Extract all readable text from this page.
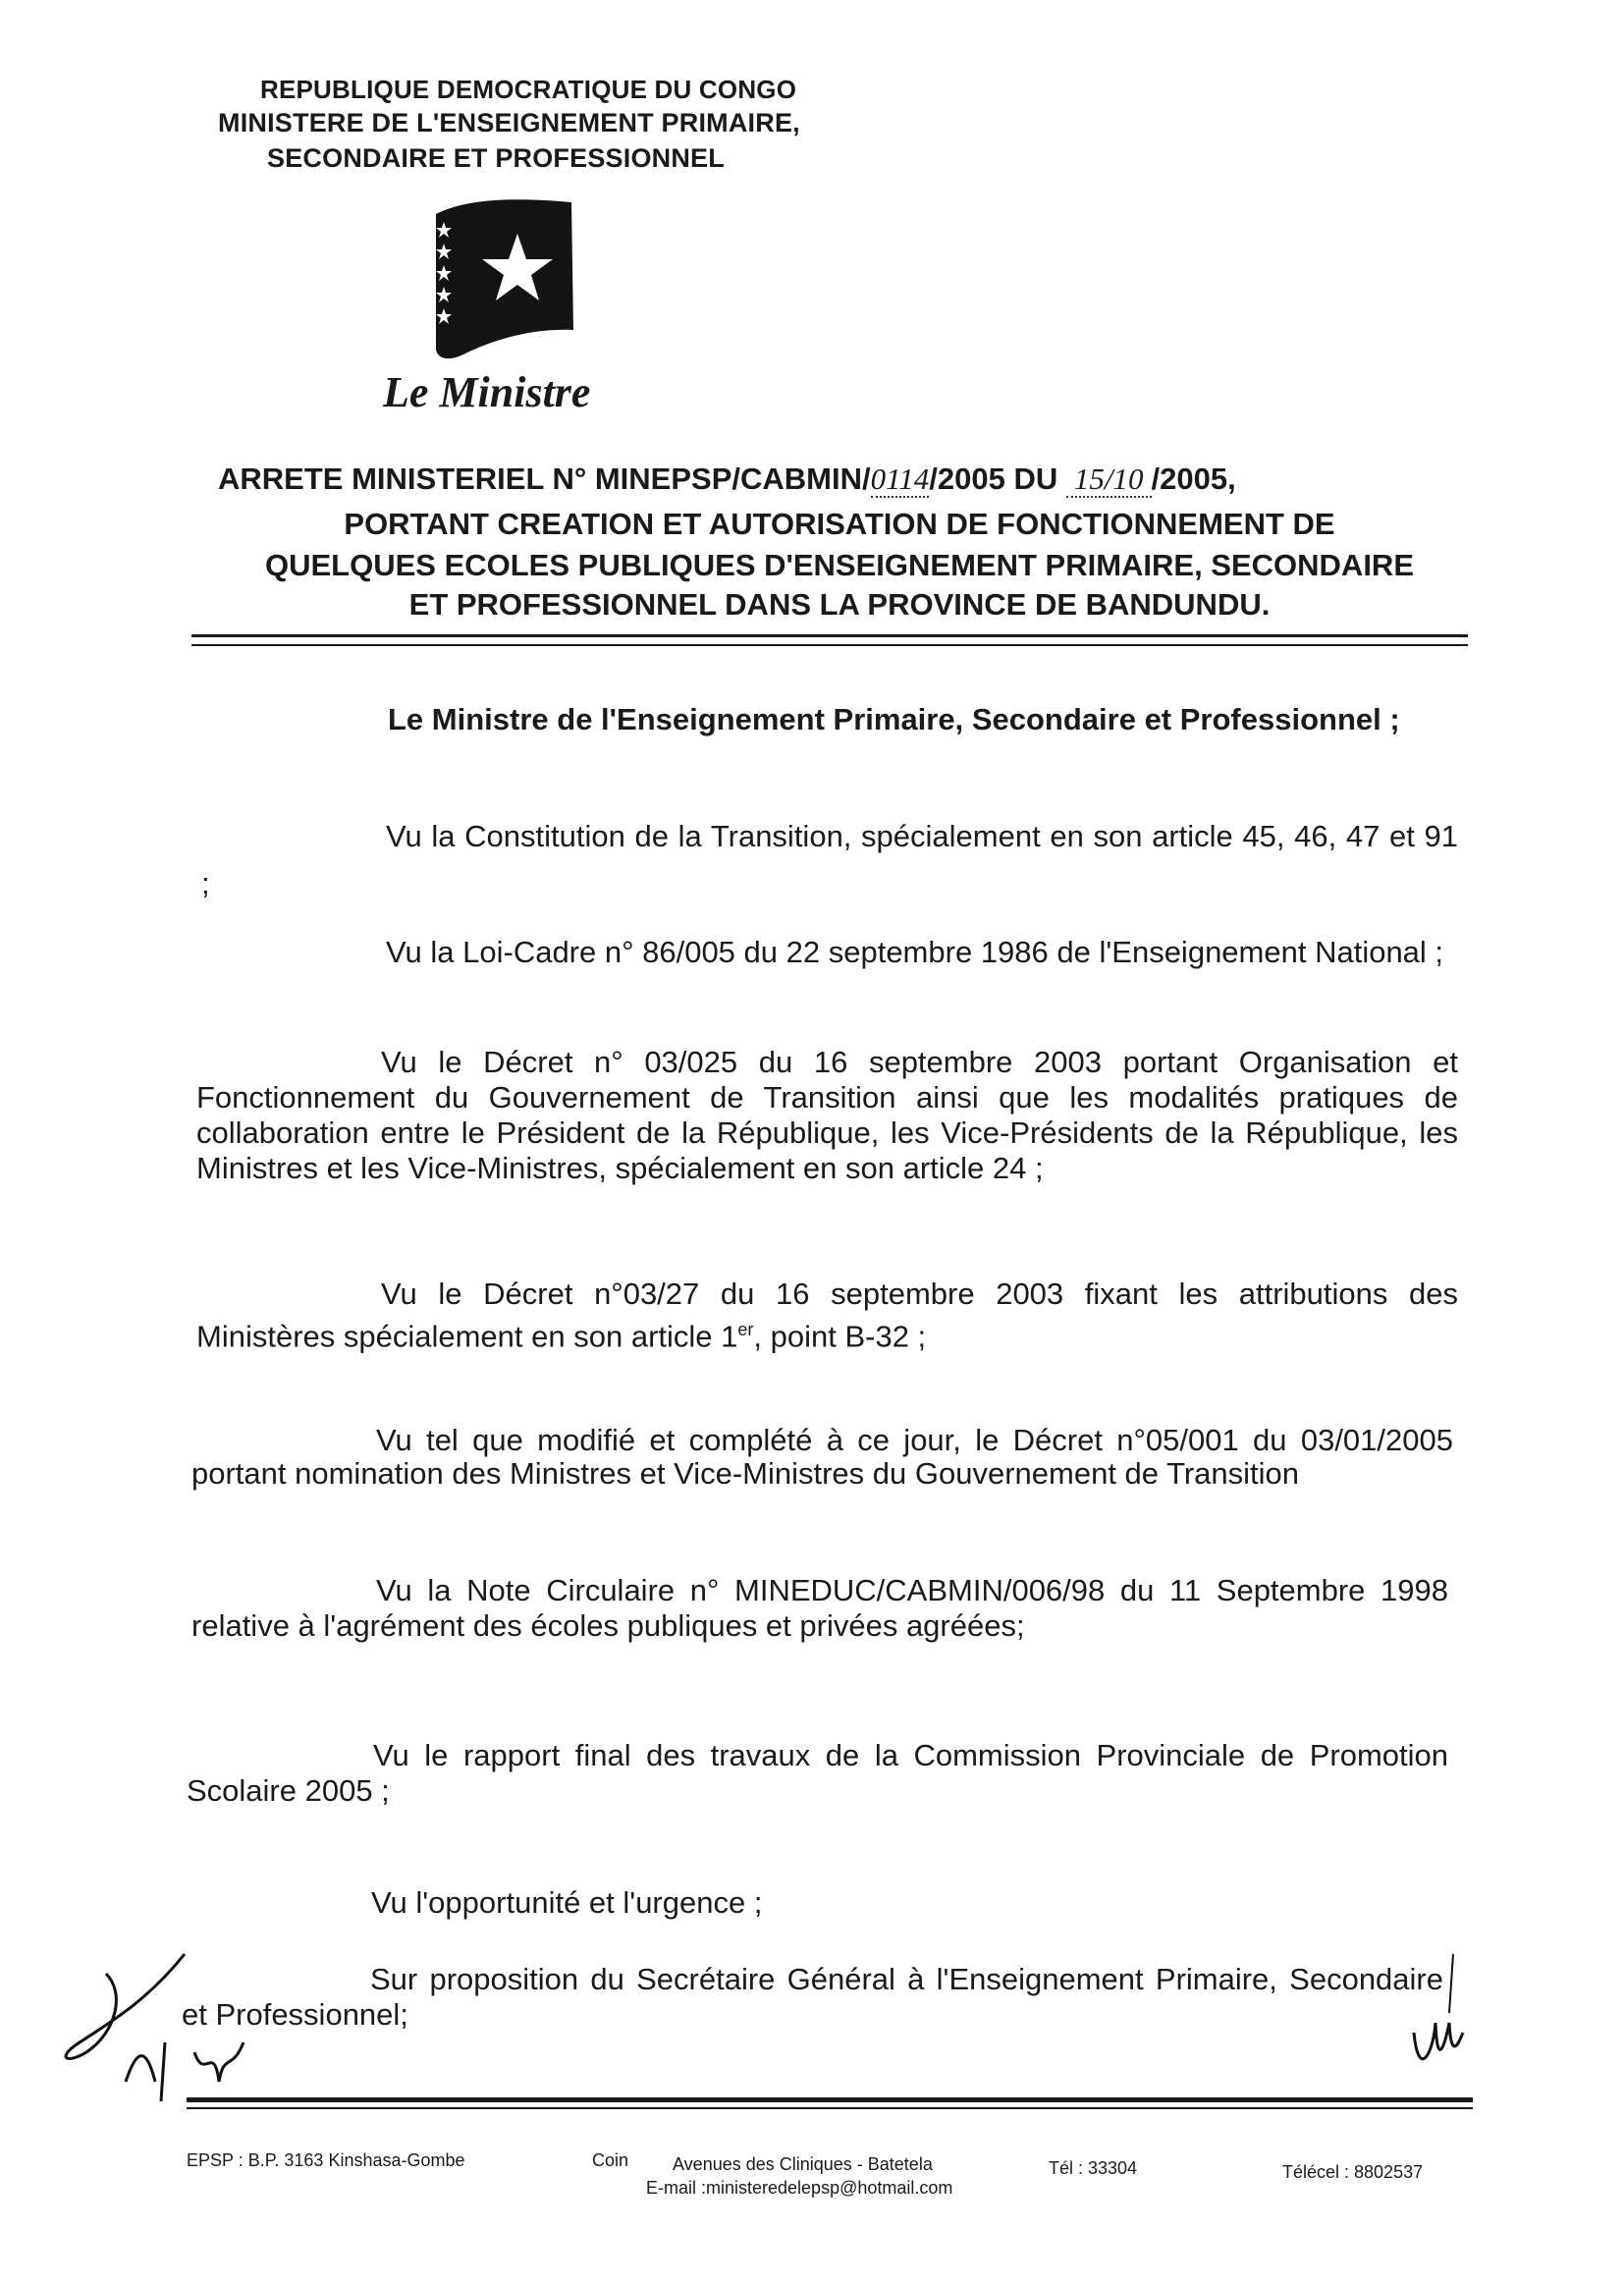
REPUBLIQUE DEMOCRATIQUE DU CONGO
MINISTERE DE L'ENSEIGNEMENT PRIMAIRE,
SECONDAIRE ET PROFESSIONNEL
Le Ministre
ARRETE MINISTERIEL N° MINEPSP/CABMIN/0114/2005 DU 15/10 /2005,
PORTANT CREATION ET AUTORISATION DE FONCTIONNEMENT DE
QUELQUES ECOLES PUBLIQUES D'ENSEIGNEMENT PRIMAIRE, SECONDAIRE
ET PROFESSIONNEL DANS LA PROVINCE DE BANDUNDU.
Le Ministre de l'Enseignement Primaire, Secondaire et Professionnel ;
Vu la Constitution de la Transition, spécialement en son article 45, 46, 47 et 91 ;
Vu la Loi-Cadre n° 86/005 du 22 septembre 1986 de l'Enseignement National ;
Vu le Décret n° 03/025 du 16 septembre 2003 portant Organisation et Fonctionnement du Gouvernement de Transition ainsi que les modalités pratiques de collaboration entre le Président de la République, les Vice-Présidents de la République, les Ministres et les Vice-Ministres, spécialement en son article 24 ;
Vu le Décret n°03/27 du 16 septembre 2003 fixant les attributions des Ministères spécialement en son article 1er, point B-32 ;
Vu tel que modifié et complété à ce jour, le Décret n°05/001 du 03/01/2005 portant nomination des Ministres et Vice-Ministres du Gouvernement de Transition
Vu la Note Circulaire n° MINEDUC/CABMIN/006/98 du 11 Septembre 1998 relative à l'agrément des écoles publiques et privées agréées;
Vu le rapport final des travaux de la Commission Provinciale de Promotion Scolaire 2005 ;
Vu l'opportunité et l'urgence ;
Sur proposition du Secrétaire Général à l'Enseignement Primaire, Secondaire et Professionnel;
EPSP : B.P. 3163 Kinshasa-Gombe	Coin Avenues des Cliniques - Batetela
E-mail :ministeredelepsp@hotmail.com
Tél : 33304	Télécel : 8802537
